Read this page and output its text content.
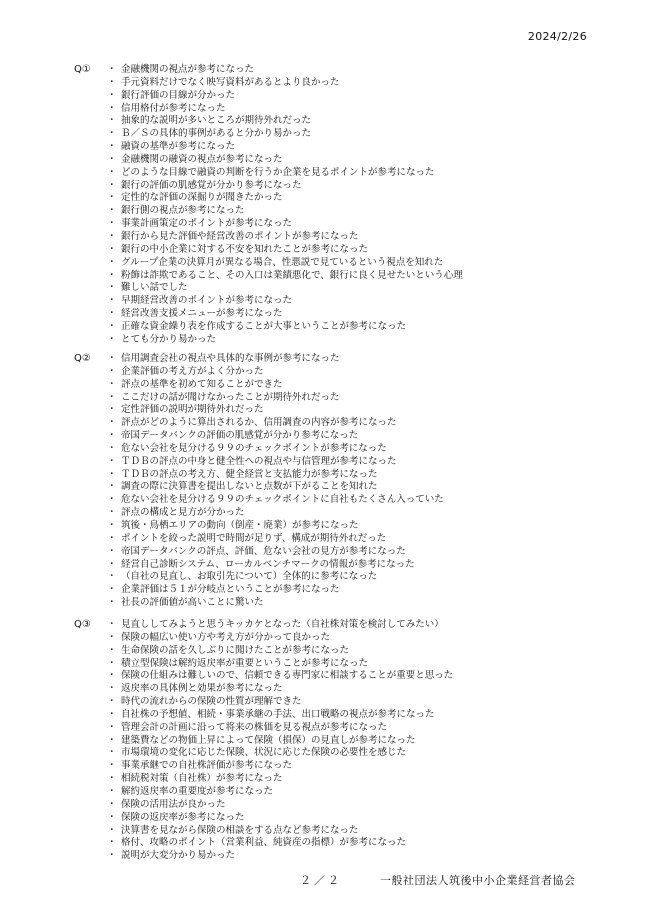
2024/2/26
Q① ・ 金融機関の視点が参考になった
・ 手元資料だけでなく映写資料があるとより良かった
・ 銀行評価の目線が分かった
・ 信用格付が参考になった
・ 抽象的な説明が多いところが期待外れだった
・ Ｂ／Ｓの具体的事例があると分かり易かった
・ 融資の基準が参考になった
・ 金融機関の融資の視点が参考になった
・ どのような目線で融資の判断を行うか企業を見るポイントが参考になった
・ 銀行の評価の肌感覚が分かり参考になった
・ 定性的な評価の深掘りが聞きたかった
・ 銀行側の視点が参考になった
・ 事業計画策定のポイントが参考になった
・ 銀行から見た評価や経営改善のポイントが参考になった
・ 銀行の中小企業に対する不安を知れたことが参考になった
・ グループ企業の決算月が異なる場合、性悪説で見ているという視点を知れた
・ 粉飾は詐欺であること、その入口は業績悪化で、銀行に良く見せたいという心理
・ 難しい話でした
・ 早期経営改善のポイントが参考になった
・ 経営改善支援メニューが参考になった
・ 正確な資金繰り表を作成することが大事ということが参考になった
・ とても分かり易かった
Q② ・ 信用調査会社の視点や具体的な事例が参考になった
・ 企業評価の考え方がよく分かった
・ 評点の基準を初めて知ることができた
・ ここだけの話が聞けなかったことが期待外れだった
・ 定性評価の説明が期待外れだった
・ 評点がどのように算出されるか、信用調査の内容が参考になった
・ 帝国データバンクの評価の肌感覚が分かり参考になった
・ 危ない会社を見分ける９９のチェックポイントが参考になった
・ ＴＤＢの評点の中身と健全性への視点や与信管理が参考になった
・ ＴＤＢの評点の考え方、健全経営と支払能力が参考になった
・ 調査の際に決算書を提出しないと点数が下がることを知れた
・ 危ない会社を見分ける９９のチェックポイントに自社もたくさん入っていた
・ 評点の構成と見方が分かった
・ 筑後・鳥栖エリアの動向（倒産・廃業）が参考になった
・ ポイントを絞った説明で時間が足りず、構成が期待外れだった
・ 帝国データバンクの評点、評価、危ない会社の見方が参考になった
・ 経営自己診断システム、ローカルベンチマークの情報が参考になった
・ （自社の見直し、お取引先について）全体的に参考になった
・ 企業評価は５１が分岐点ということが参考になった
・ 社長の評価値が高いことに驚いた
Q③ ・ 見直ししてみようと思うキッカケとなった（自社株対策を検討してみたい）
・ 保険の幅広い使い方や考え方が分かって良かった
・ 生命保険の話を久しぶりに聞けたことが参考になった
・ 積立型保険は解約返戻率が重要ということが参考になった
・ 保険の仕組みは難しいので、信頼できる専門家に相談することが重要と思った
・ 返戻率の具体例と効果が参考になった
・ 時代の流れからの保険の性質が理解できた
・ 自社株の予想値、相続・事業承継の手法、出口戦略の視点が参考になった
・ 管理会計の計画に沿って将来の株価を見る視点が参考になった
・ 建築費などの物価上昇によって保険（損保）の見直しが参考になった
・ 市場環境の変化に応じた保険、状況に応じた保険の必要性を感じた
・ 事業承継での自社株評価が参考になった
・ 相続税対策（自社株）が参考になった
・ 解約返戻率の重要度が参考になった
・ 保険の活用法が良かった
・ 保険の返戻率が参考になった
・ 決算書を見ながら保険の相談をする点など参考になった
・ 格付、攻略のポイント（営業利益、純資産の指標）が参考になった
・ 説明が大変分かり易かった
２／２	一般社団法人筑後中小企業経営者協会
